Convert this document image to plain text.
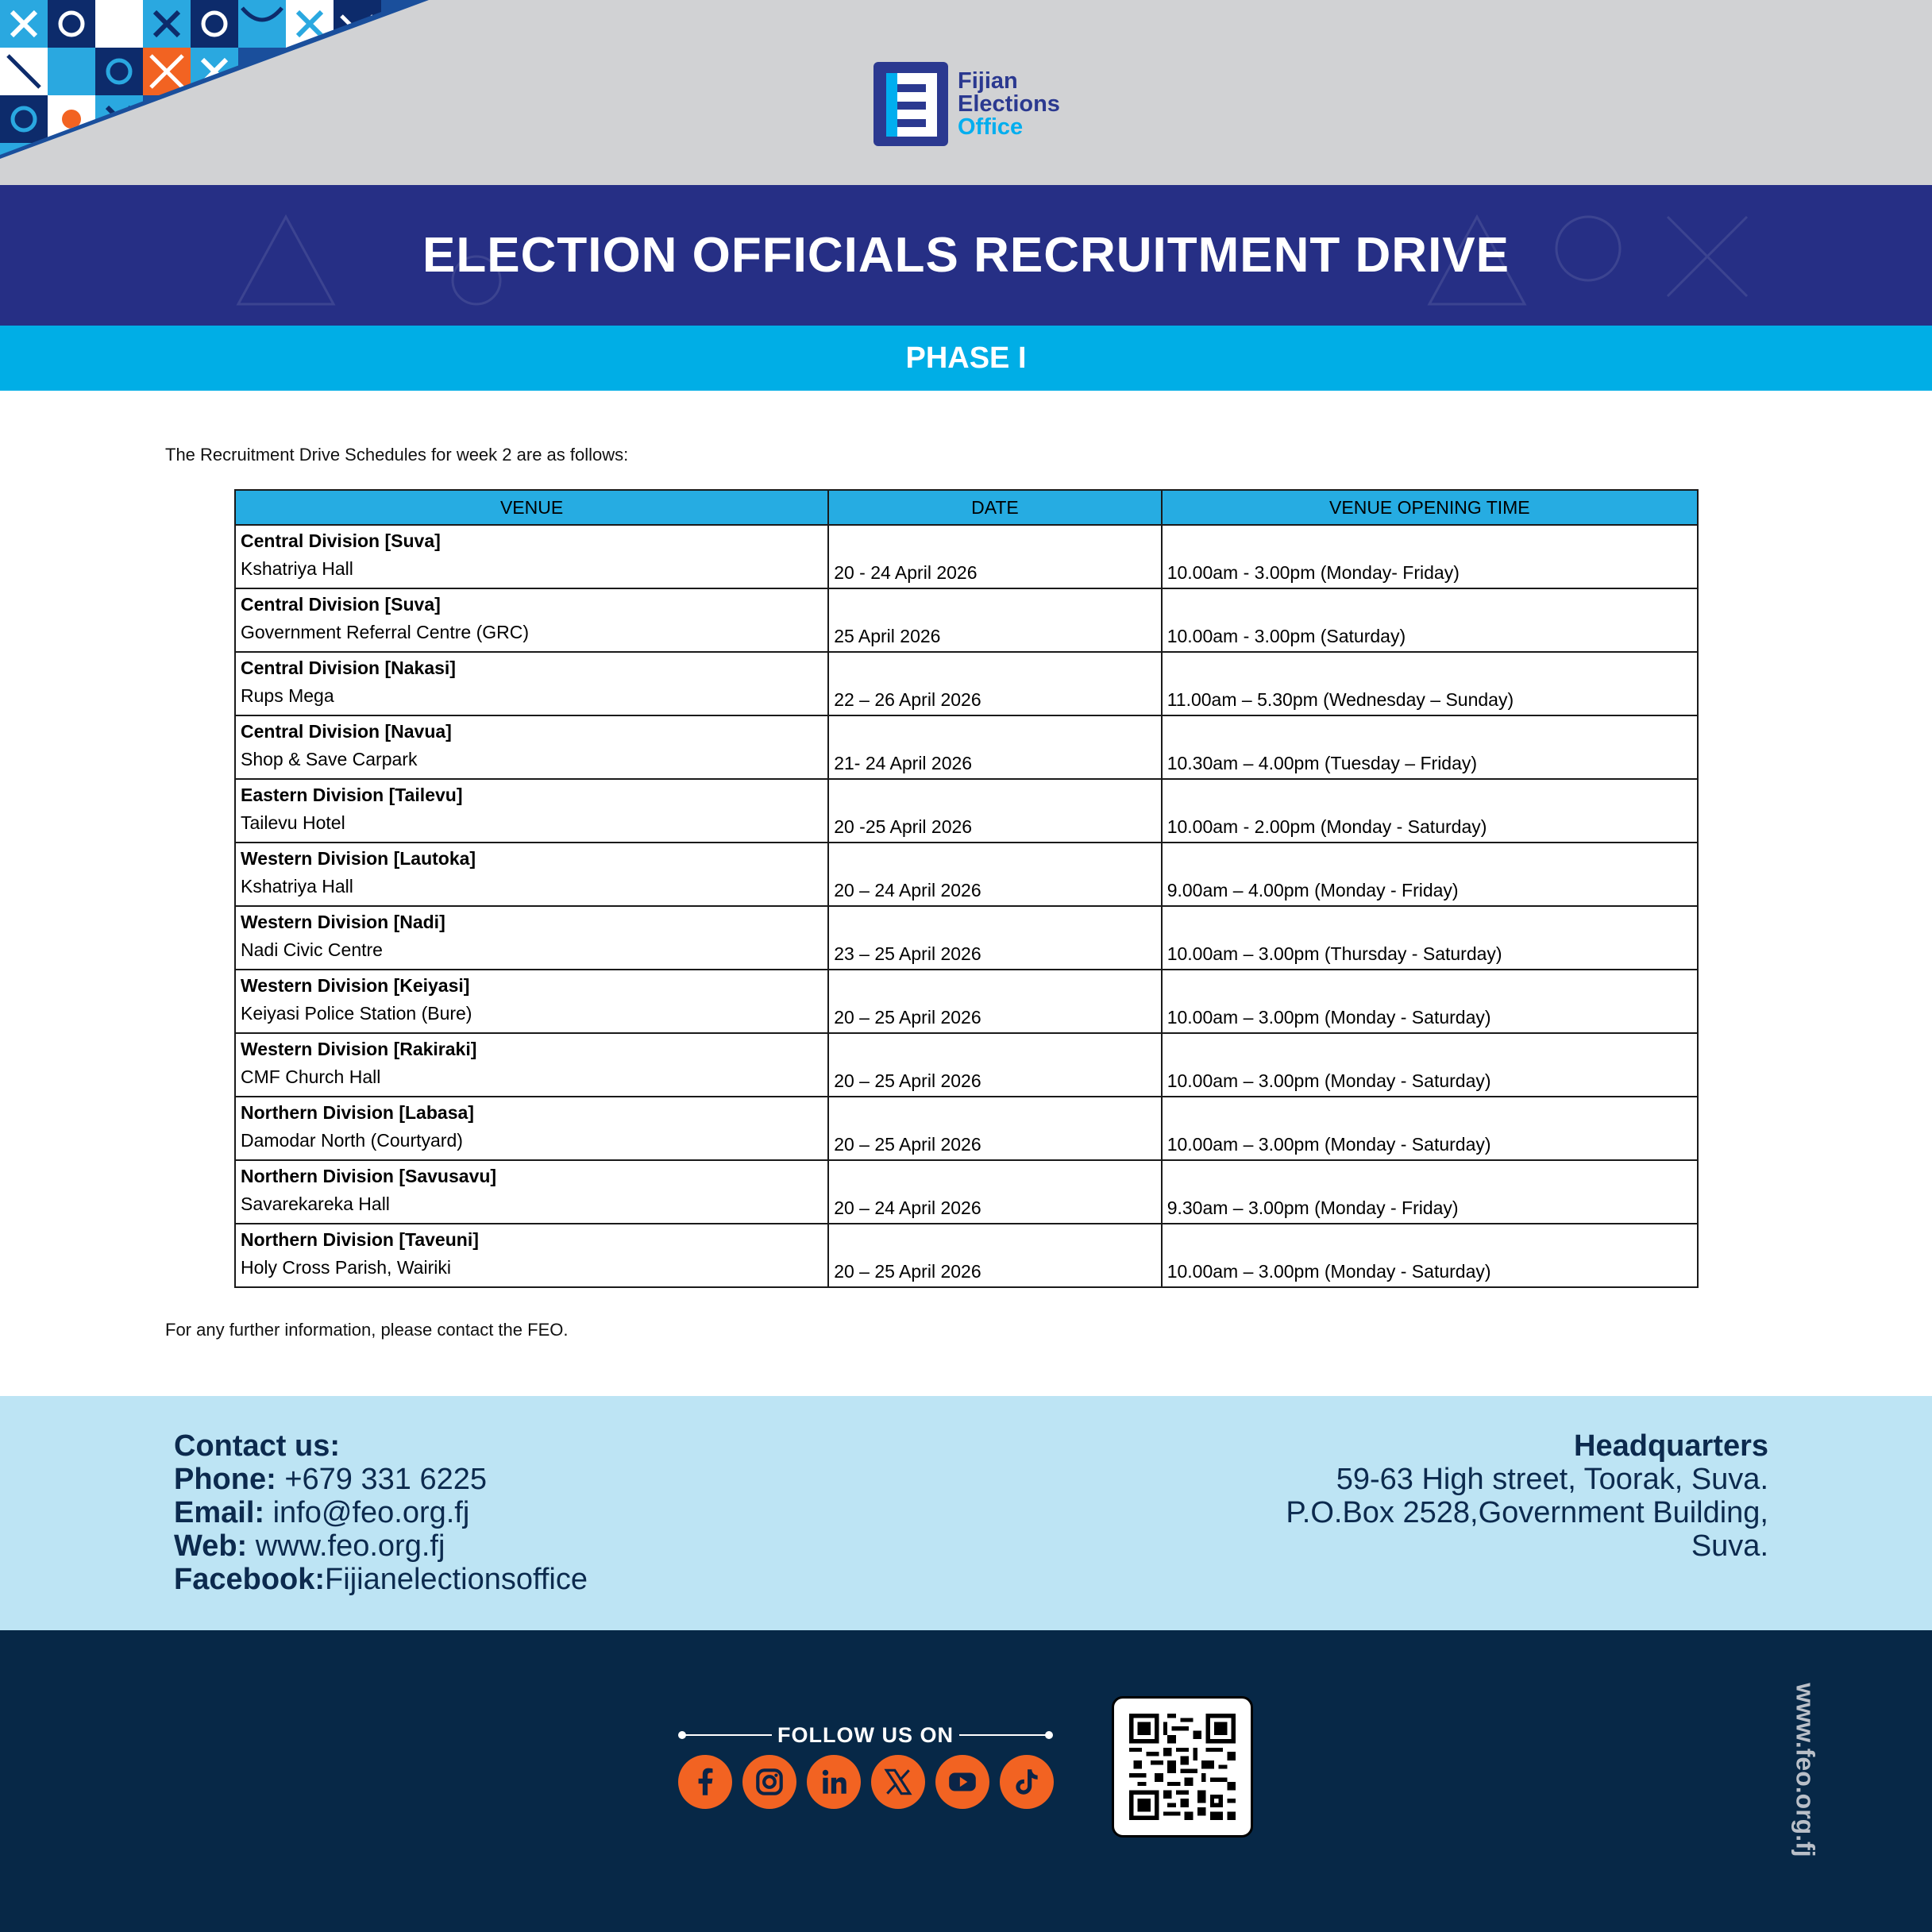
Fijian
Elections
Office
ELECTION OFFICIALS RECRUITMENT DRIVE
PHASE I
The Recruitment Drive Schedules for week 2 are as follows:
VENUE	DATE	VENUE OPENING TIME

Central Division [Suva]
Kshatriya Hall	20 - 24 April 2026	10.00am - 3.00pm (Monday- Friday)

Central Division [Suva]
Government Referral Centre (GRC)	25 April 2026	10.00am - 3.00pm (Saturday)

Central Division [Nakasi]
Rups Mega	22 – 26 April 2026	11.00am – 5.30pm (Wednesday – Sunday)

Central Division [Navua]
Shop & Save Carpark	21- 24 April 2026	10.30am – 4.00pm (Tuesday – Friday)

Eastern Division [Tailevu]
Tailevu Hotel	20 -25 April 2026	10.00am - 2.00pm (Monday - Saturday)

Western Division [Lautoka]
Kshatriya Hall	20 – 24 April 2026	9.00am – 4.00pm (Monday - Friday)

Western Division [Nadi]
Nadi Civic Centre	23 – 25 April 2026	10.00am – 3.00pm (Thursday - Saturday)

Western Division [Keiyasi]
Keiyasi Police Station (Bure)	20 – 25 April 2026	10.00am – 3.00pm (Monday - Saturday)

Western Division [Rakiraki]
CMF Church Hall	20 – 25 April 2026	10.00am – 3.00pm (Monday - Saturday)

Northern Division [Labasa]
Damodar North (Courtyard)	20 – 25 April 2026	10.00am – 3.00pm (Monday - Saturday)

Northern Division [Savusavu]
Savarekareka Hall	20 – 24 April 2026	9.30am – 3.00pm (Monday - Friday)

Northern Division [Taveuni]
Holy Cross Parish, Wairiki	20 – 25 April 2026	10.00am – 3.00pm (Monday - Saturday)
For any further information, please contact the FEO.
Contact us:
Phone: +679 331 6225
Email: info@feo.org.fj
Web: www.feo.org.fj
Facebook:Fijianelectionsoffice
Headquarters
59-63 High street, Toorak, Suva.
P.O.Box 2528,Government Building,
Suva.
FOLLOW US ON	www.feo.org.fj
